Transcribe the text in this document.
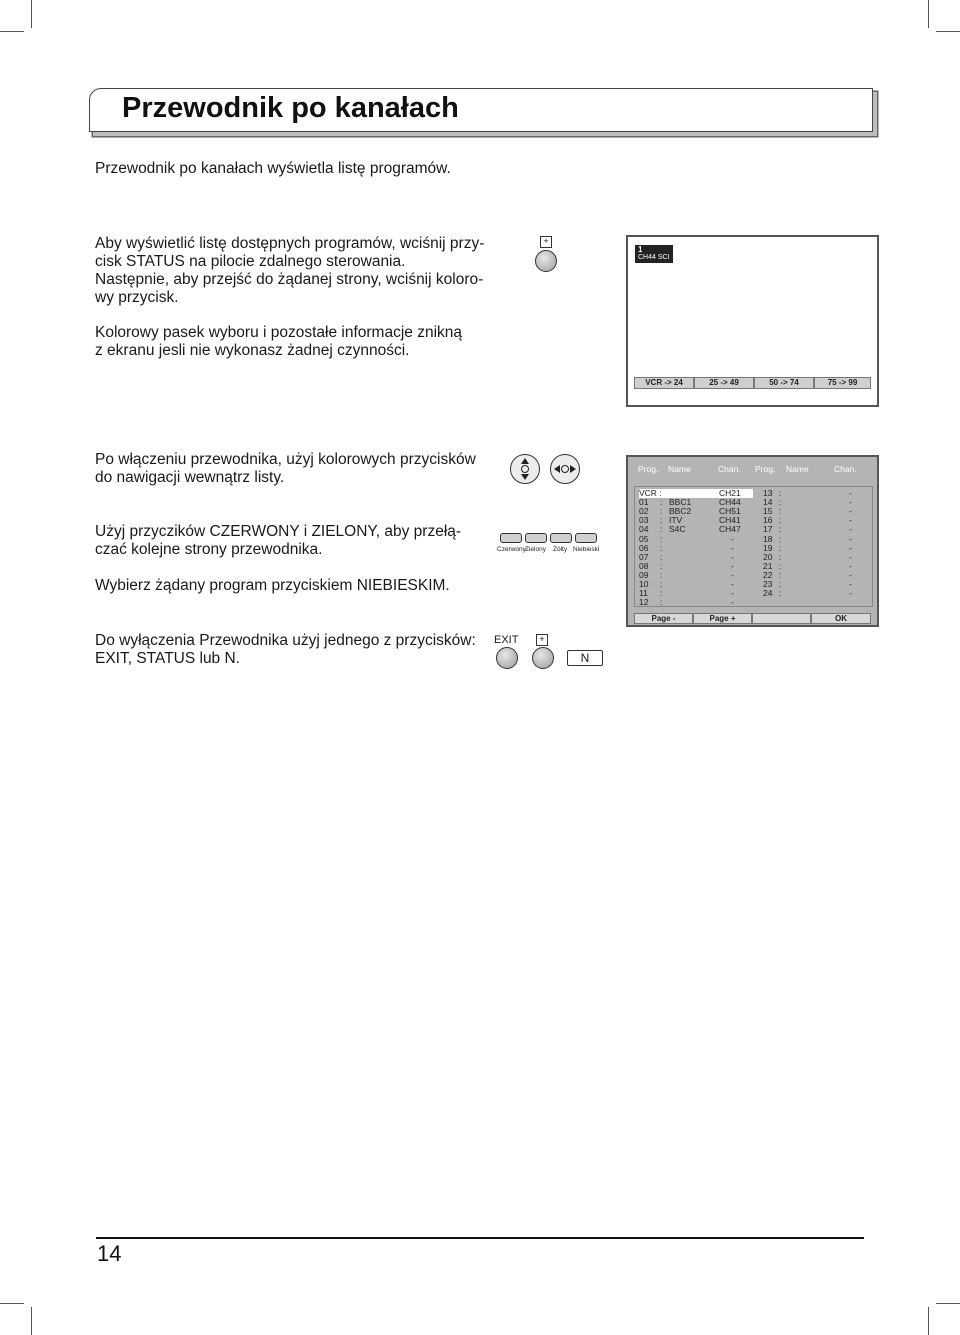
Przewodnik po kanałach
Przewodnik po kanałach wyświetla listę programów.
Aby wyświetlić listę dostępnych programów, wciśnij przy-
cisk STATUS na pilocie zdalnego sterowania.
Następnie, aby przejść do żądanej strony, wciśnij koloro-
wy przycisk.
Kolorowy pasek wyboru i pozostałe informacje znikną
z ekranu jesli nie wykonasz żadnej czynności.
Po włączeniu przewodnika, użyj kolorowych przycisków
do nawigacji wewnątrz listy.
Użyj przyczików CZERWONY i ZIELONY, aby przełą-
czać kolejne strony przewodnika.
Wybierz żądany program przyciskiem NIEBIESKIM.
Do wyłączenia Przewodnika użyj jednego z przycisków:
EXIT, STATUS lub N.
+
1
CH44 SCI
VCR -> 24	25 -> 49	50 -> 74	75 -> 99
Czerwony Zielony Żółty Niebieski
Prog. Name	Chan. Prog. Name	Chan.
VCR :	CH21	13 :	-
01 : BBC1	CH44	14 :	-
02 : BBC2	CH51	15 :	-
03 : ITV	CH41	16 :	-
04 : S4C	CH47	17 :	-
05 :	-	18 :	-
06 :	-	19 :	-
07 :	-	20 :	-
08 :	-	21 :	-
09 :	-	22 :	-
10 :	-	23 :	-
11 :	-	24 :	-
12 :	-
Page -	Page +	OK
EXIT	+
N
14
